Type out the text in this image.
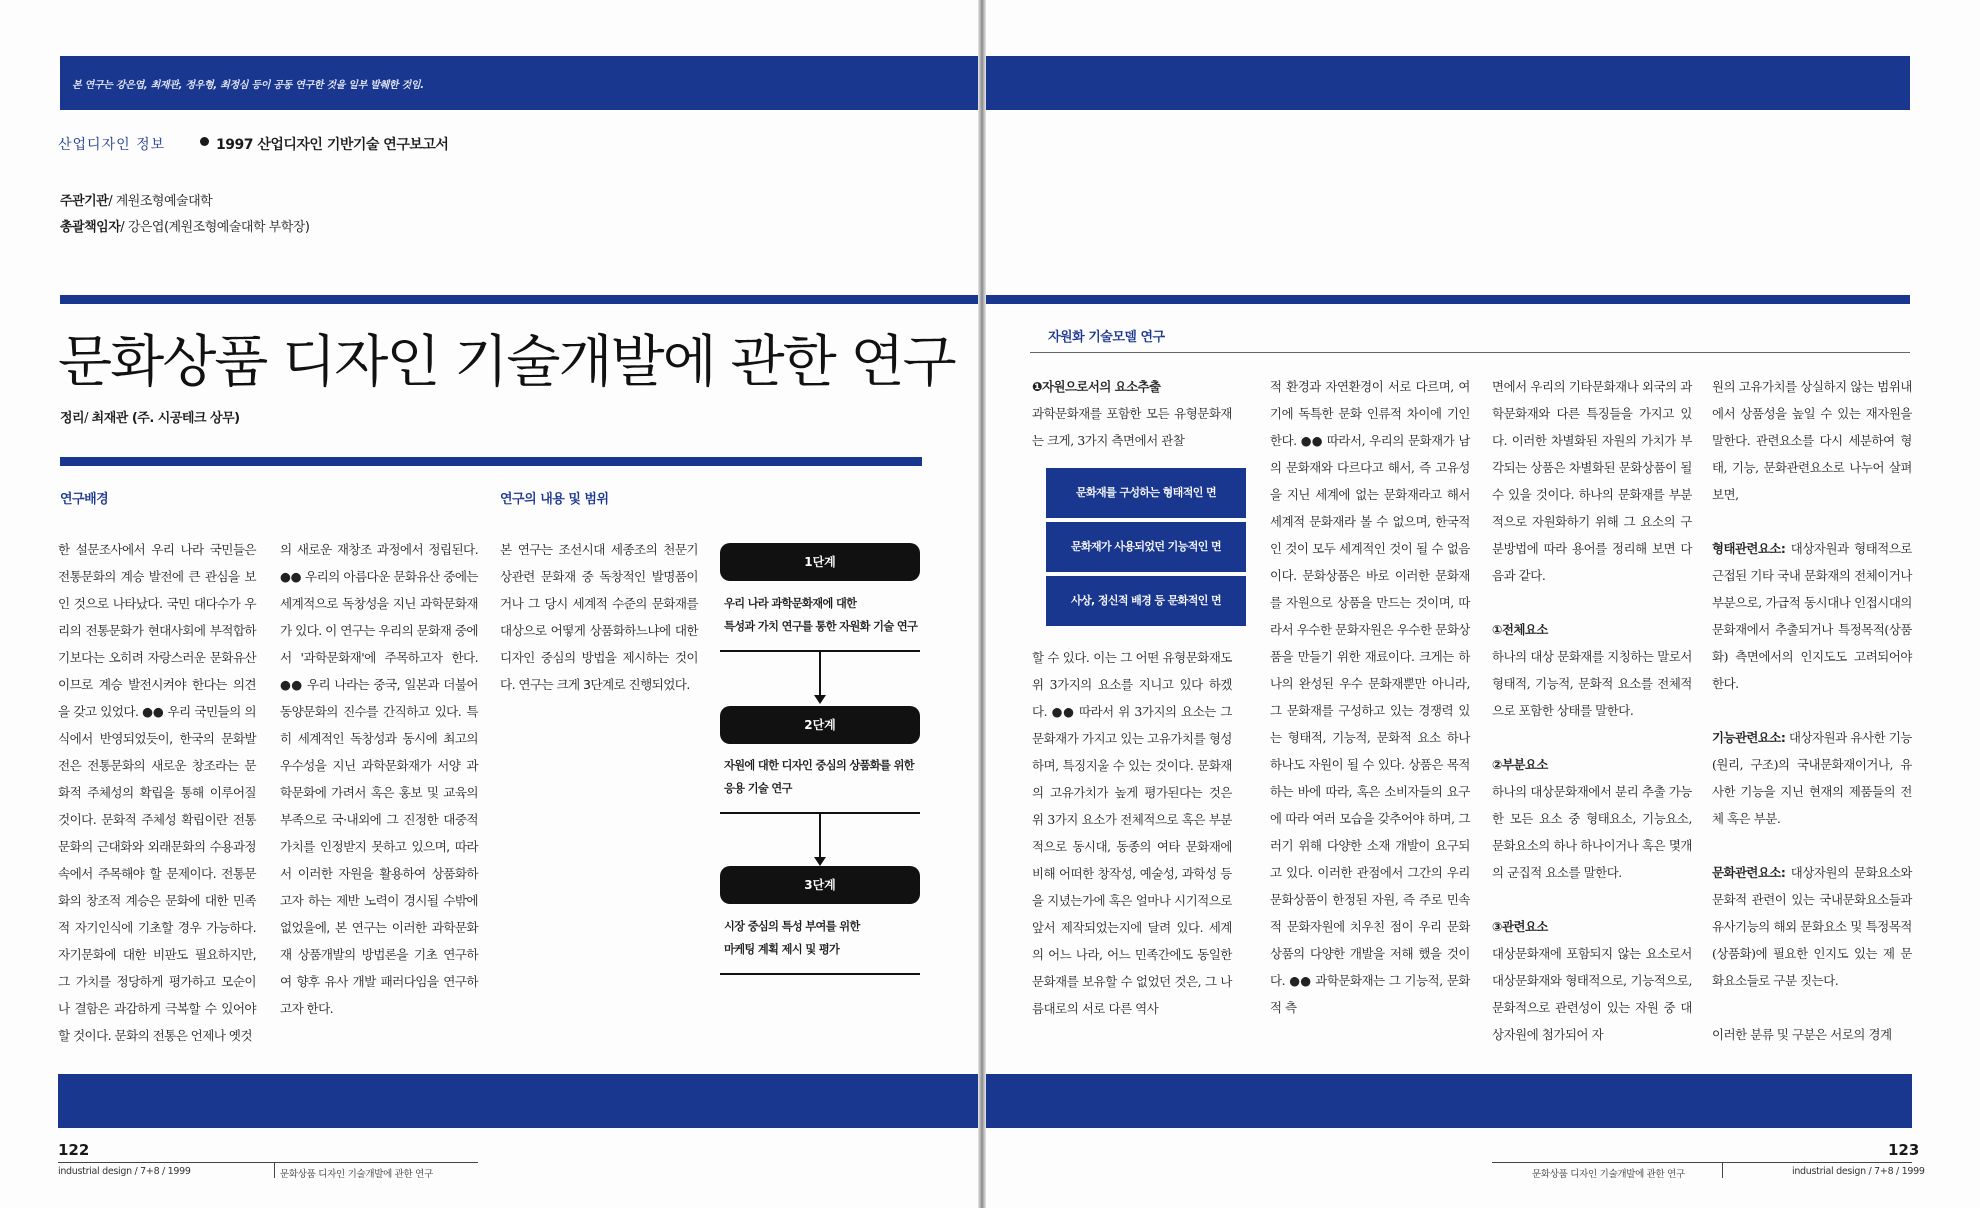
본 연구는 강은엽, 최재관, 정우형, 최정심 등이 공동 연구한 것을 일부 발췌한 것임.
산업디자인 정보	1997 산업디자인 기반기술 연구보고서
주관기관/ 계원조형예술대학
총괄책임자/ 강은엽(계원조형예술대학 부학장)
문화상품 디자인 기술개발에 관한 연구
정리/ 최재관 (주. 시공테크 상무)
연구배경	연구의 내용 및 범위

한 설문조사에서 우리 나라 국민들은 전통문화의 계승 발전에 큰 관심을 보인 것으로 나타났다. 국민 대다수가 우리의 전통문화가 현대사회에 부적합하기보다는 오히려 자랑스러운 문화유산이므로 계승 발전시켜야 한다는 의견을 갖고 있었다. ●● 우리 국민들의 의식에서 반영되었듯이, 한국의 문화발전은 전통문화의 새로운 창조라는 문화적 주체성의 확립을 통해 이루어질 것이다. 문화적 주체성 확립이란 전통문화의 근대화와 외래문화의 수용과정 속에서 주목해야 할 문제이다. 전통문화의 창조적 계승은 문화에 대한 민족적 자기인식에 기초할 경우 가능하다. 자기문화에 대한 비판도 필요하지만, 그 가치를 정당하게 평가하고 모순이나 결함은 과감하게 극복할 수 있어야 할 것이다. 문화의 전통은 언제나 옛것

의 새로운 재창조 과정에서 정립된다. ●● 우리의 아름다운 문화유산 중에는 세계적으로 독창성을 지닌 과학문화재가 있다. 이 연구는 우리의 문화재 중에서 '과학문화재'에 주목하고자 한다. ●● 우리 나라는 중국, 일본과 더불어 동양문화의 진수를 간직하고 있다. 특히 세계적인 독창성과 동시에 최고의 우수성을 지닌 과학문화재가 서양 과학문화에 가려서 혹은 홍보 및 교육의 부족으로 국·내외에 그 진정한 대중적 가치를 인정받지 못하고 있으며, 따라서 이러한 자원을 활용하여 상품화하고자 하는 제반 노력이 경시될 수밖에 없었을에, 본 연구는 이러한 과학문화재 상품개발의 방법론을 기초 연구하여 향후 유사 개발 패러다임을 연구하고자 한다.

본 연구는 조선시대 세종조의 천문기상관련 문화재 중 독창적인 발명품이거나 그 당시 세계적 수준의 문화재를 대상으로 어떻게 상품화하느냐에 대한 디자인 중심의 방법을 제시하는 것이다. 연구는 크게 3단계로 진행되었다.

1단계
우리 나라 과학문화재에 대한
특성과 가치 연구를 통한 자원화 기술 연구
2단계
자원에 대한 디자인 중심의 상품화를 위한
응용 기술 연구
3단계
시장 중심의 특성 부여를 위한
마케팅 계획 제시 및 평가
122
industrial design / 7+8 / 1999	문화상품 디자인 기술개발에 관한 연구
자원화 기술모델 연구
❶자원으로서의 요소추출

과학문화재를 포함한 모든 유형문화재는 크게, 3가지 측면에서 관찰

문화재를 구성하는 형태적인 면
문화재가 사용되었던 기능적인 면
사상, 정신적 배경 등 문화적인 면

할 수 있다. 이는 그 어떤 유형문화재도 위 3가지의 요소를 지니고 있다 하겠다. ●● 따라서 위 3가지의 요소는 그 문화재가 가지고 있는 고유가치를 형성하며, 특징지울 수 있는 것이다. 문화재의 고유가치가 높게 평가된다는 것은 위 3가지 요소가 전체적으로 혹은 부분적으로 동시대, 동종의 여타 문화재에 비해 어떠한 창작성, 예술성, 과학성 등을 지녔는가에 혹은 얼마나 시기적으로 앞서 제작되었는지에 달려 있다. 세계의 어느 나라, 어느 민족간에도 동일한 문화재를 보유할 수 없었던 것은, 그 나름대로의 서로 다른 역사

적 환경과 자연환경이 서로 다르며, 여기에 독특한 문화 인류적 차이에 기인한다. ●● 따라서, 우리의 문화재가 남의 문화재와 다르다고 해서, 즉 고유성을 지닌 세계에 없는 문화재라고 해서 세계적 문화재라 볼 수 없으며, 한국적인 것이 모두 세계적인 것이 될 수 없음이다. 문화상품은 바로 이러한 문화재를 자원으로 상품을 만드는 것이며, 따라서 우수한 문화자원은 우수한 문화상품을 만들기 위한 재료이다. 크게는 하나의 완성된 우수 문화재뿐만 아니라, 그 문화재를 구성하고 있는 경쟁력 있는 형태적, 기능적, 문화적 요소 하나 하나도 자원이 될 수 있다. 상품은 목적하는 바에 따라, 혹은 소비자들의 요구에 따라 여러 모습을 갖추어야 하며, 그러기 위해 다양한 소재 개발이 요구되고 있다. 이러한 관점에서 그간의 우리 문화상품이 한정된 자원, 즉 주로 민속적 문화자원에 치우친 점이 우리 문화상품의 다양한 개발을 저해 했을 것이다. ●● 과학문화재는 그 기능적, 문화적 측

면에서 우리의 기타문화재나 외국의 과학문화재와 다른 특징들을 가지고 있다. 이러한 차별화된 자원의 가치가 부각되는 상품은 차별화된 문화상품이 될 수 있을 것이다. 하나의 문화재를 부분적으로 자원화하기 위해 그 요소의 구분방법에 따라 용어를 정리해 보면 다음과 같다.

①전체요소

하나의 대상 문화재를 지칭하는 말로서 형태적, 기능적, 문화적 요소를 전체적으로 포함한 상태를 말한다.

②부분요소

하나의 대상문화재에서 분리 추출 가능한 모든 요소 중 형태요소, 기능요소, 문화요소의 하나 하나이거나 혹은 몇개의 군집적 요소를 말한다.

③관련요소

대상문화재에 포함되지 않는 요소로서 대상문화재와 형태적으로, 기능적으로, 문화적으로 관련성이 있는 자원 중 대상자원에 첨가되어 자

원의 고유가치를 상실하지 않는 범위내에서 상품성을 높일 수 있는 재자원을 말한다. 관련요소를 다시 세분하여 형태, 기능, 문화관련요소로 나누어 살펴보면,

형태관련요소: 대상자원과 형태적으로 근접된 기타 국내 문화재의 전체이거나 부분으로, 가급적 동시대나 인접시대의 문화재에서 추출되거나 특정목적(상품화) 측면에서의 인지도도 고려되어야 한다.

기능관련요소: 대상자원과 유사한 기능(원리, 구조)의 국내문화재이거나, 유사한 기능을 지닌 현재의 제품들의 전체 혹은 부분.

문화관련요소: 대상자원의 문화요소와 문화적 관련이 있는 국내문화요소들과 유사기능의 해외 문화요소 및 특정목적(상품화)에 필요한 인지도 있는 제 문화요소들로 구분 짓는다.

이러한 분류 및 구분은 서로의 경계

123
문화상품 디자인 기술개발에 관한 연구	industrial design / 7+8 / 1999
